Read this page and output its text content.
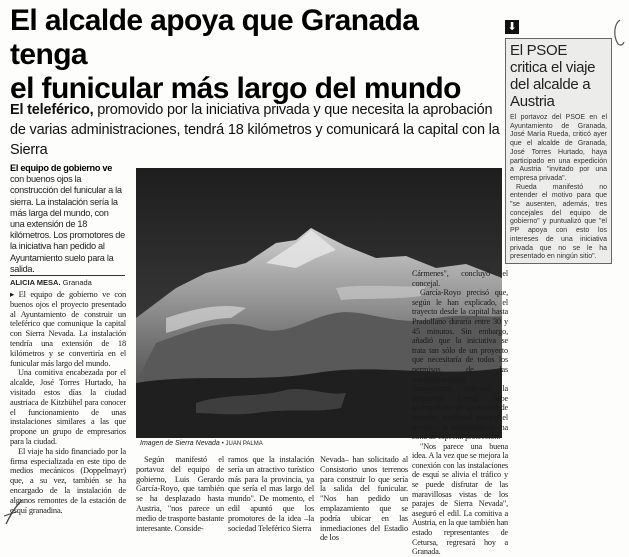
El alcalde apoya que Granada tenga
el funicular más largo del mundo
El teleférico, promovido por la iniciativa privada y que necesita la aprobación de varias administraciones, tendrá 18 kilómetros y comunicará la capital con la Sierra
El equipo de gobierno ve con buenos ojos la construcción del funicular a la sierra. La instalación sería la más larga del mundo, con una extensión de 18 kilómetros. Los promotores de la iniciativa han pedido al Ayuntamiento suelo para la salida.
ALICIA MESA. Granada

▸ El equipo de gobierno ve con buenos ojos el proyecto presentado al Ayuntamiento de construir un teleférico que comunique la capital con Sierra Nevada. La instalación tendría una extensión de 18 kilómetros y se convertiría en el funicular más largo del mundo.

Una comitiva encabezada por el alcalde, José Torres Hurtado, ha visitado estos días la ciudad austriaca de Kitzbühel para conocer el funcionamiento de unas instalaciones similares a las que propone un grupo de empresarios para la ciudad.

El viaje ha sido financiado por la firma especializada en este tipo de medios mecánicos (Doppelmayr) que, a su vez, también se ha encargado de la instalación de algunos remontes de la estación de esquí granadina.

Imagen de Sierra Nevada • JUAN PALMA

Según manifestó el portavoz del equipo de gobierno, Luis Gerardo García-Royo, que también se ha desplazado hasta Austria, "nos parece un medio de trasporte bastante interesante. Conside-

ramos que la instalación sería un atractivo turístico más para la provincia, ya que sería el mas largo del mundo". De momento, el edil apuntó que los promotores de la idea –la sociedad Teleférico Sierra

Nevada– han solicitado al Consistorio unos terrenos para construir lo que sería la salida del funicular. "Nos han pedido un emplazamiento que se podría ubicar en las inmediaciones del Estadio de los

Cármenes", concluyó el concejal.

García-Royo precisó que, según le han explicado, el trayecto desde la capital hasta Pradollano duraría entre 30 y 45 minutos. Sin embargo, añadió que la iniciativa se trata tan sólo de un proyecto que necesitaría de todos los permisos de las administraciones competentes. Además, la propuesta formal debe acompañarse de un estudio de impacto ambiental porque el proyecto se emplazaría en una zona de especial protección.

"Nos parece una buena idea. A la vez que se mejora la conexión con las instalaciones de esquí se alivia el tráfico y se puede disfrutar de las maravillosas vistas de los parajes de Sierra Nevada", aseguró el edil. La comitiva a Austria, en la que también han estado representantes de Cetursa, regresará hoy a Granada.

⬇
El PSOE critica el viaje del alcalde a Austria

El portavoz del PSOE en el Ayuntamiento de Granada, José María Rueda, criticó ayer que el alcalde de Granada, José Torres Hurtado, haya participado en una expedición a Austria "invitado por una empresa privada".

Rueda manifestó no entender el motivo para que "se ausenten, además, tres concejales del equipo de gobierno" y puntualizó que "el PP apoya con esto los intereses de una iniciativa privada que no se le ha presentado en ningún sitio".
